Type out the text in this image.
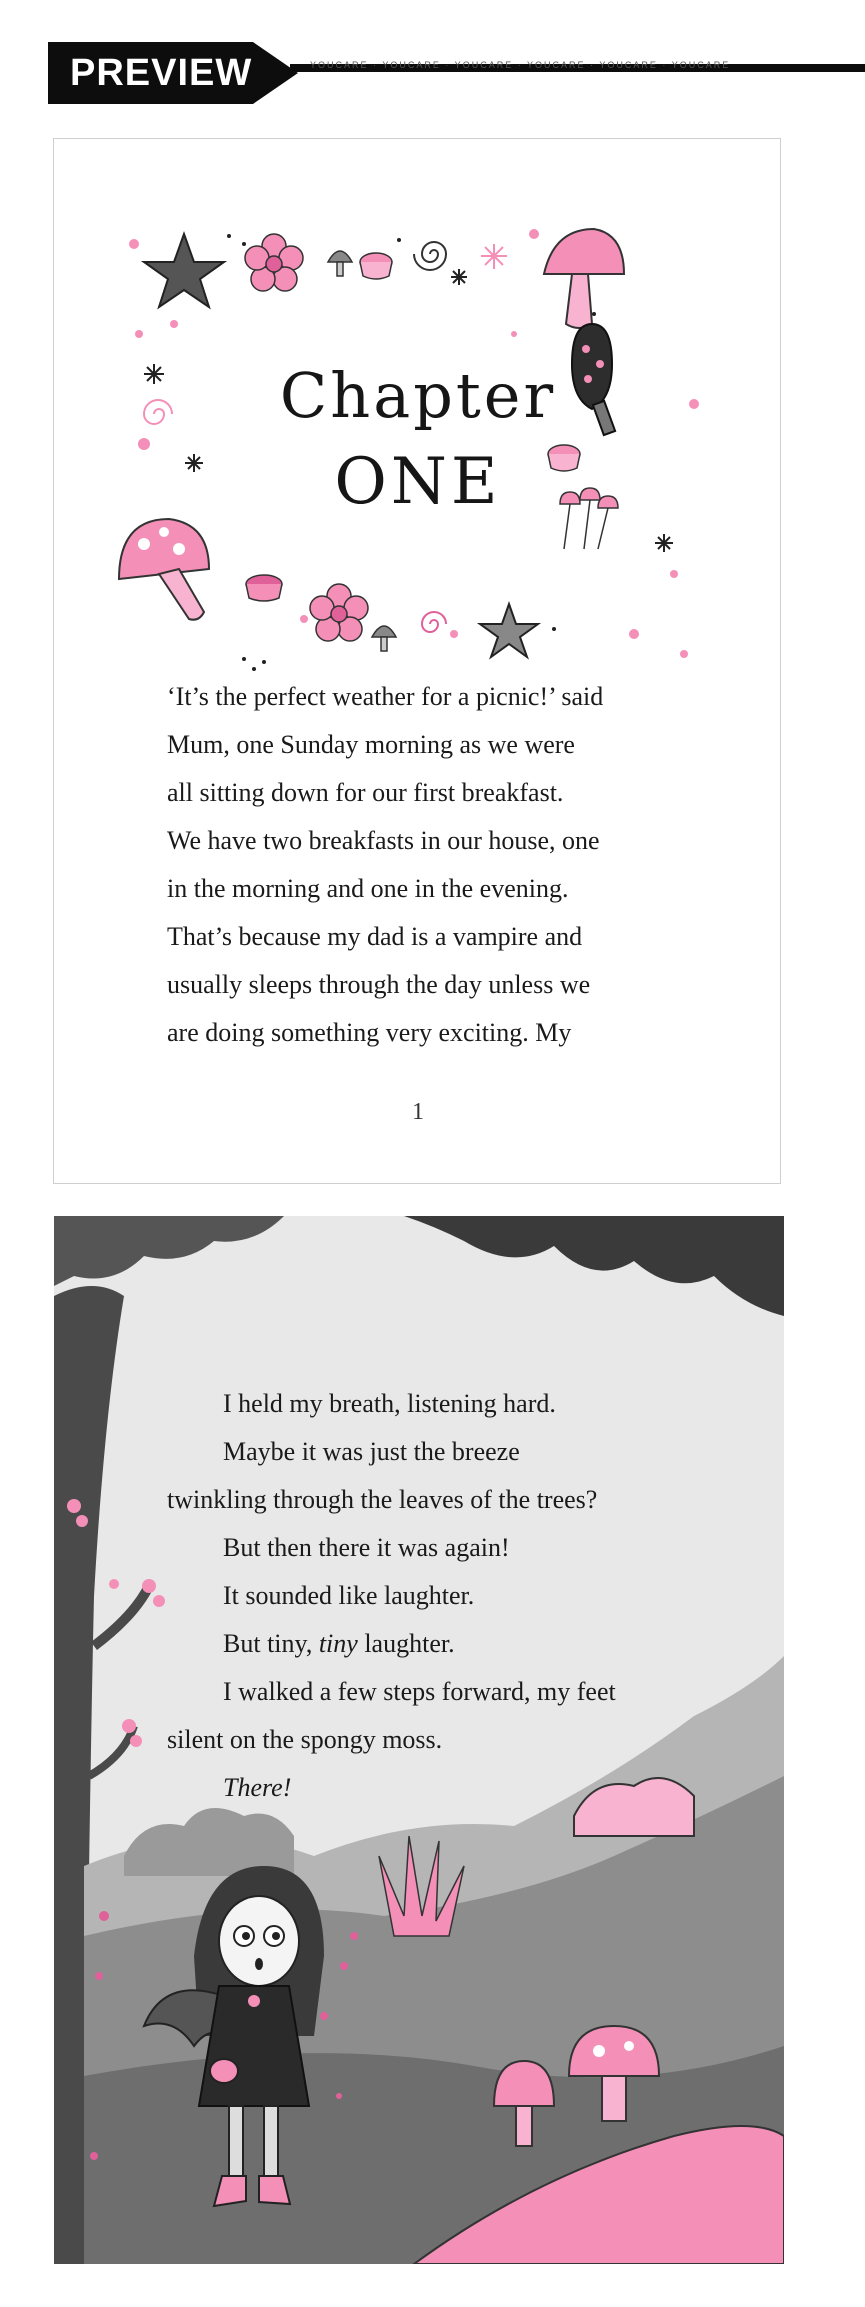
PREVIEW	YOUCARE · YOUCARE · YOUCARE · YOUCARE · YOUCARE · YOUCARE
Chapter
ONE
‘It’s the perfect weather for a picnic!’ said
Mum, one Sunday morning as we were
all sitting down for our first breakfast.
We have two breakfasts in our house, one
in the morning and one in the evening.
That’s because my dad is a vampire and
usually sleeps through the day unless we
are doing something very exciting. My
1
I held my breath, listening hard.
Maybe it was just the breeze
twinkling through the leaves of the trees?
But then there it was again!
It sounded like laughter.
But tiny, tiny laughter.
I walked a few steps forward, my feet
silent on the spongy moss.
There!
